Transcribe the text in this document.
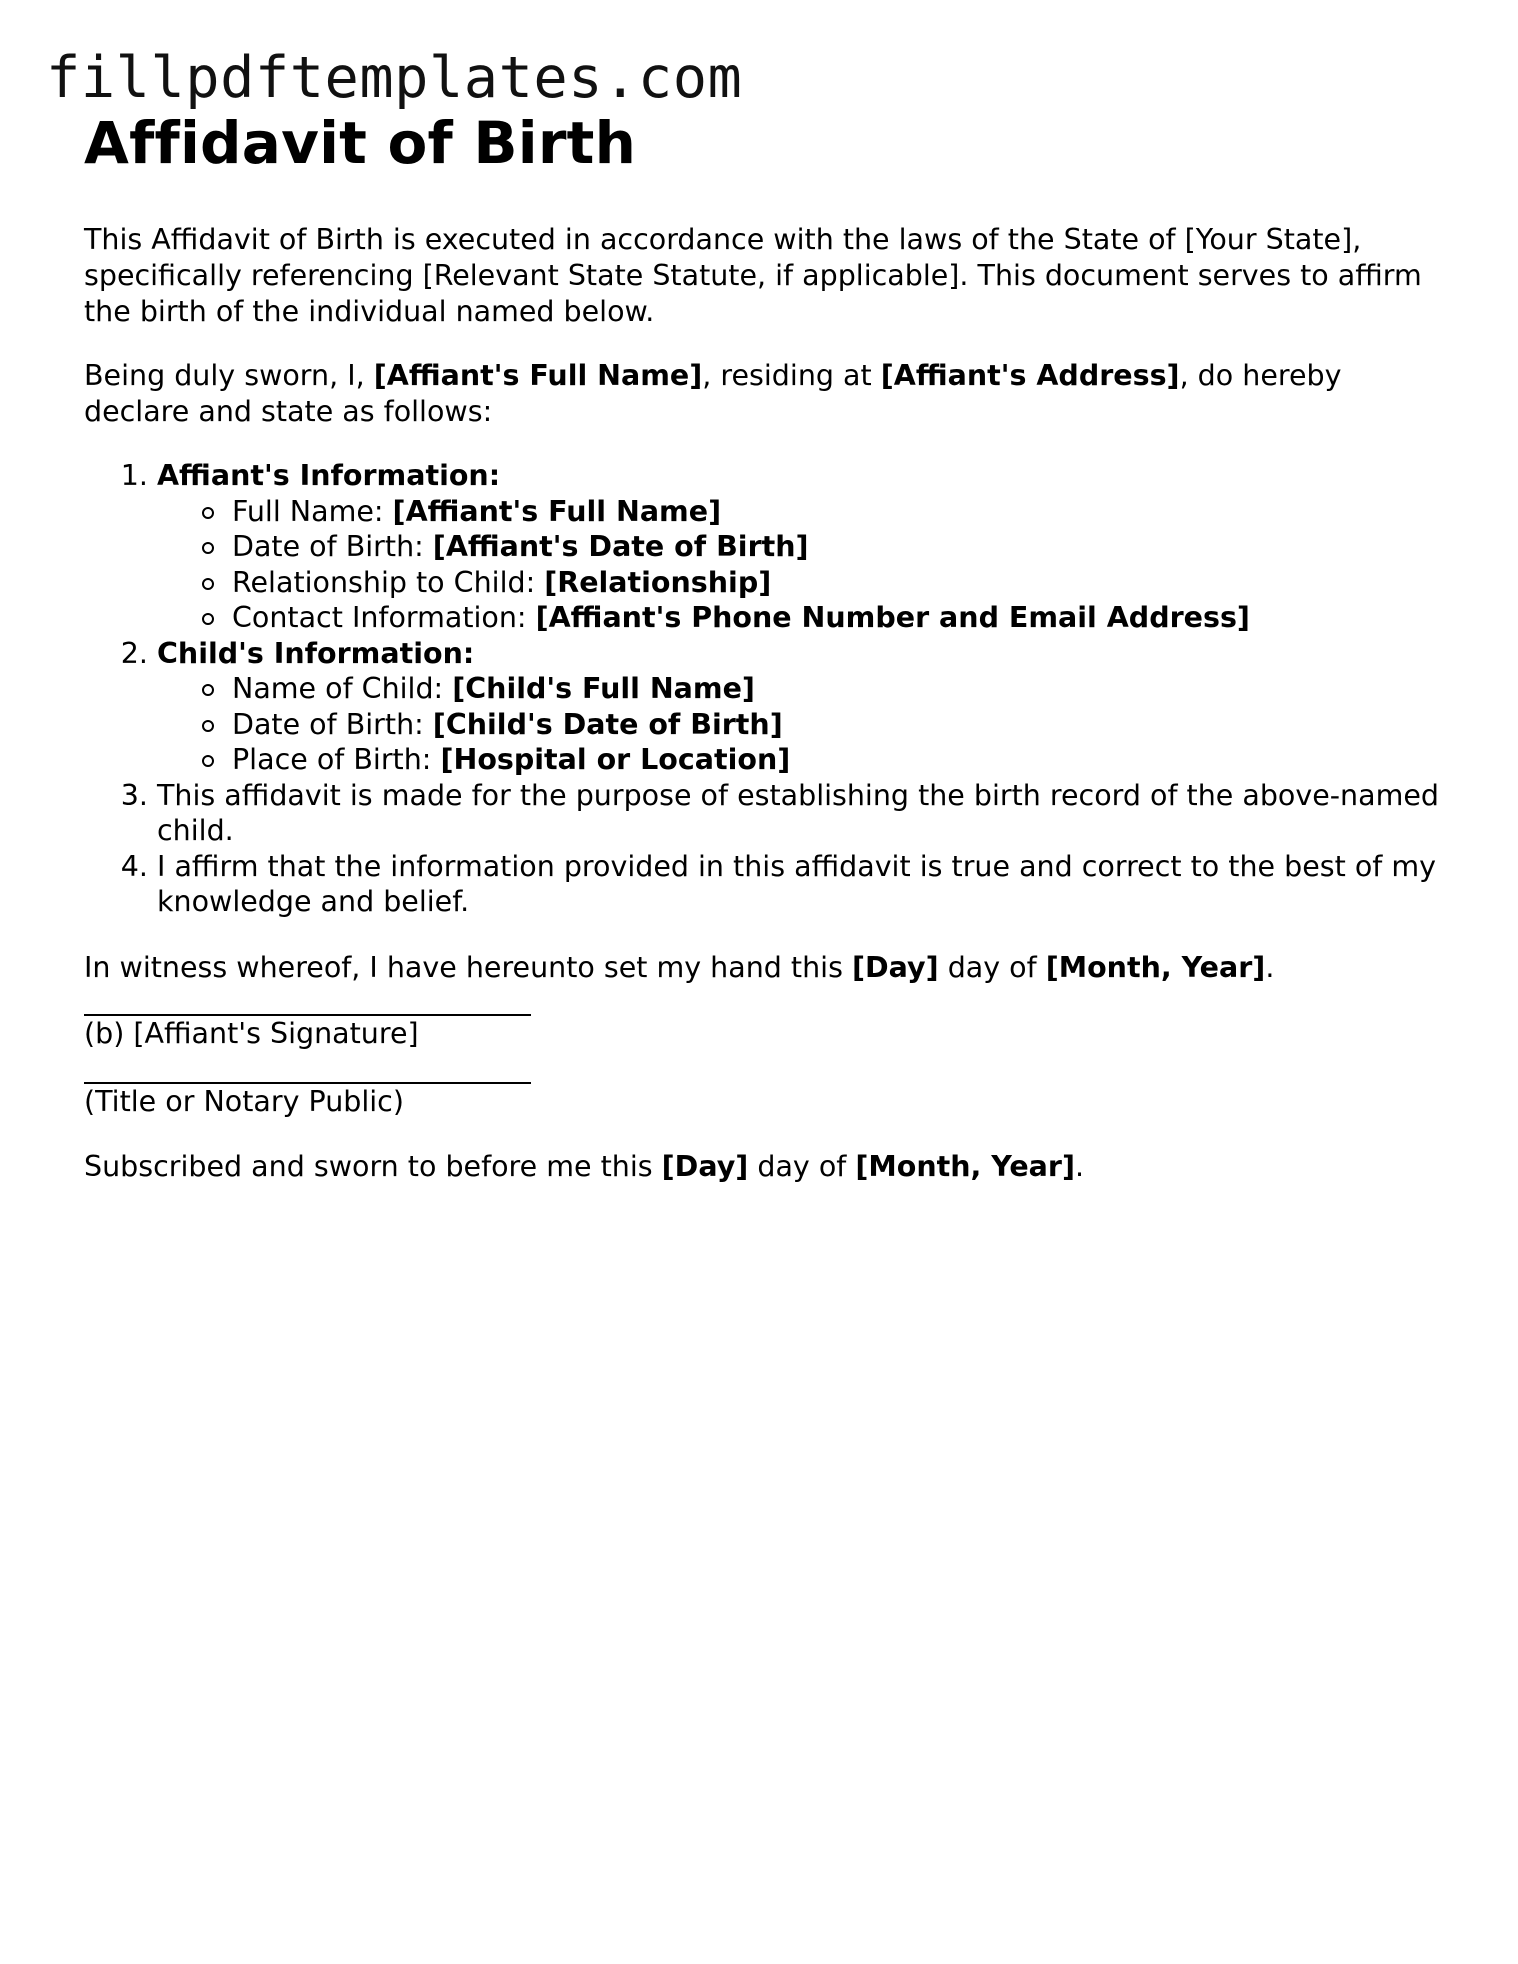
fillpdftemplates.com
Affidavit of Birth

This Affidavit of Birth is executed in accordance with the laws of the State of [Your State], specifically referencing [Relevant State Statute, if applicable]. This document serves to affirm the birth of the individual named below.

Being duly sworn, I, [Affiant's Full Name], residing at [Affiant's Address], do hereby declare and state as follows:

1. Affiant's Information:
Full Name: [Affiant's Full Name]
Date of Birth: [Affiant's Date of Birth]
Relationship to Child: [Relationship]
Contact Information: [Affiant's Phone Number and Email Address]
2. Child's Information:
Name of Child: [Child's Full Name]
Date of Birth: [Child's Date of Birth]
Place of Birth: [Hospital or Location]
3. This affidavit is made for the purpose of establishing the birth record of the above-named child.
4. I affirm that the information provided in this affidavit is true and correct to the best of my knowledge and belief.

In witness whereof, I have hereunto set my hand this [Day] day of [Month, Year].

(b) [Affiant's Signature]

(Title or Notary Public)

Subscribed and sworn to before me this [Day] day of [Month, Year].
